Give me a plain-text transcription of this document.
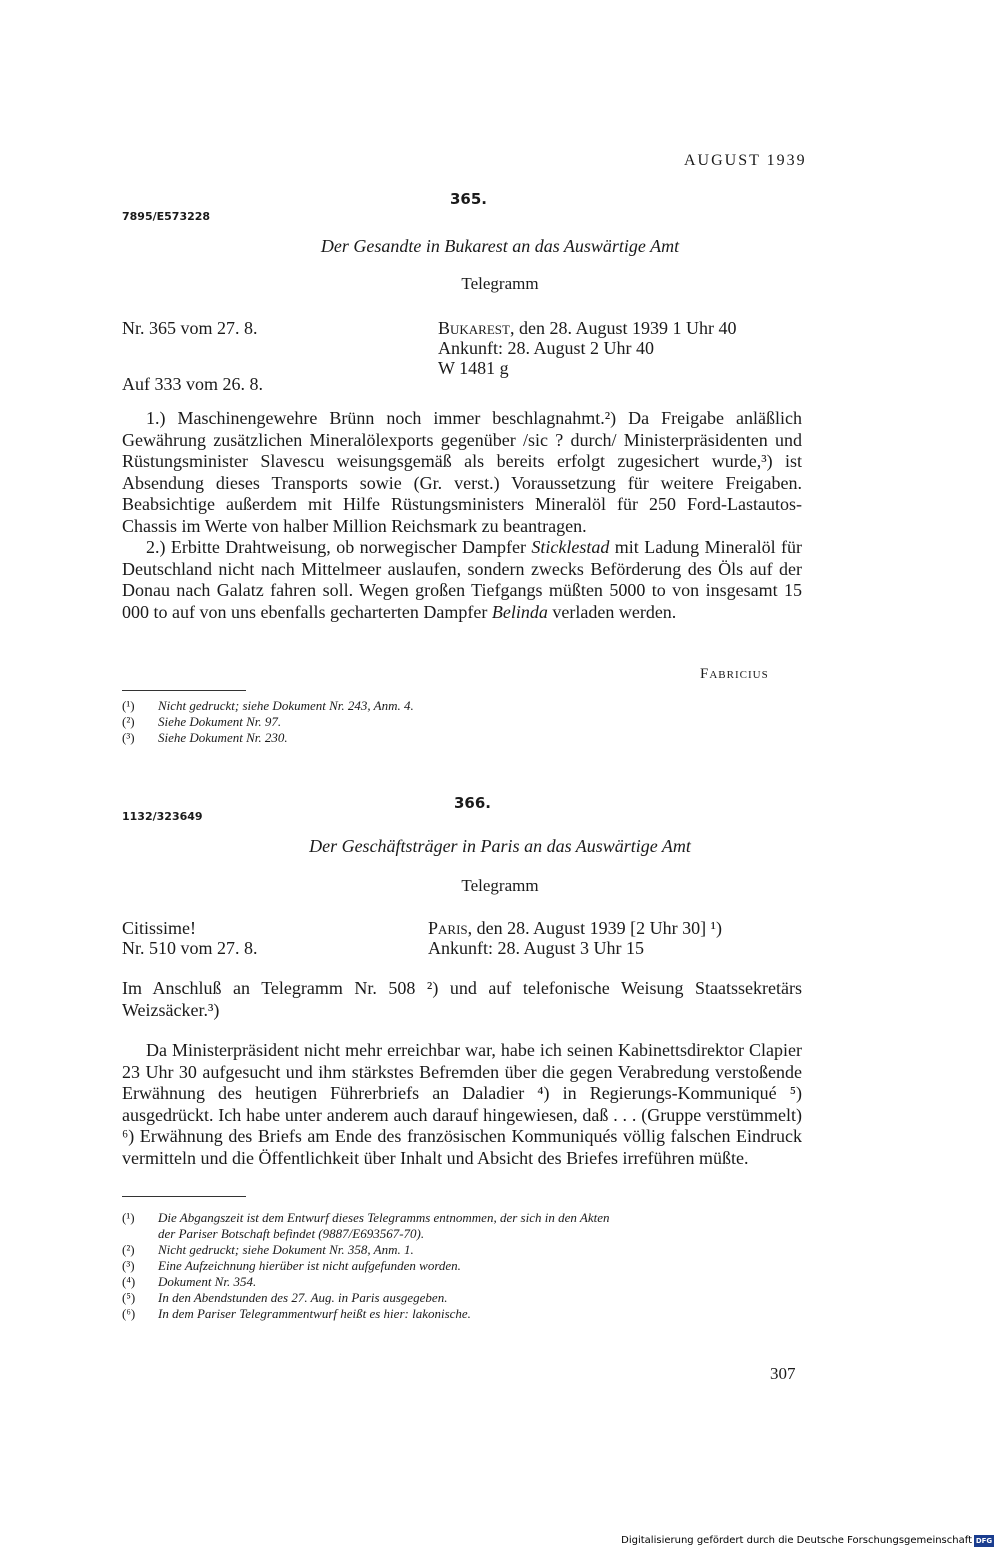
AUGUST 1939
365.
7895/E573228
Der Gesandte in Bukarest an das Auswärtige Amt
Telegramm
Nr. 365 vom 27. 8.
Auf 333 vom 26. 8.
Bukarest, den 28. August 1939 1 Uhr 40
Ankunft: 28. August 2 Uhr 40
W 1481 g

1.) Maschinengewehre Brünn noch immer beschlagnahmt.²) Da Freigabe anläßlich Gewährung zusätzlichen Mineralölexports gegenüber /sic ? durch/ Ministerpräsidenten und Rüstungsminister Slavescu weisungsgemäß als bereits erfolgt zugesichert wurde,³) ist Absendung dieses Transports sowie (Gr. verst.) Voraussetzung für weitere Freigaben. Beabsichtige außerdem mit Hilfe Rüstungsministers Mineralöl für 250 Ford-Lastautos-Chassis im Werte von halber Million Reichsmark zu beantragen.

2.) Erbitte Drahtweisung, ob norwegischer Dampfer Sticklestad mit Ladung Mineralöl für Deutschland nicht nach Mittelmeer auslaufen, sondern zwecks Beförderung des Öls auf der Donau nach Galatz fahren soll. Wegen großen Tiefgangs müßten 5000 to von insgesamt 15 000 to auf von uns ebenfalls gecharterten Dampfer Belinda verladen werden.

Fabricius
(¹)	Nicht gedruckt; siehe Dokument Nr. 243, Anm. 4.
(²)	Siehe Dokument Nr. 97.
(³)	Siehe Dokument Nr. 230.
366.
1132/323649
Der Geschäftsträger in Paris an das Auswärtige Amt
Telegramm
Citissime!
Nr. 510 vom 27. 8.
Paris, den 28. August 1939 [2 Uhr 30] ¹)
Ankunft: 28. August 3 Uhr 15

Im Anschluß an Telegramm Nr. 508 ²) und auf telefonische Weisung Staatssekretärs Weizsäcker.³)

Da Ministerpräsident nicht mehr erreichbar war, habe ich seinen Kabinettsdirektor Clapier 23 Uhr 30 aufgesucht und ihm stärkstes Befremden über die gegen Verabredung verstoßende Erwähnung des heutigen Führerbriefs an Daladier ⁴) in Regierungs-Kommuniqué ⁵) ausgedrückt. Ich habe unter anderem auch darauf hingewiesen, daß . . . (Gruppe verstümmelt) ⁶) Erwähnung des Briefs am Ende des französischen Kommuniqués völlig falschen Eindruck vermitteln und die Öffentlichkeit über Inhalt und Absicht des Briefes irreführen müßte.

(¹)	Die Abgangszeit ist dem Entwurf dieses Telegramms entnommen, der sich in den Akten
der Pariser Botschaft befindet (9887/E693567-70).
(²)	Nicht gedruckt; siehe Dokument Nr. 358, Anm. 1.
(³)	Eine Aufzeichnung hierüber ist nicht aufgefunden worden.
(⁴)	Dokument Nr. 354.
(⁵)	In den Abendstunden des 27. Aug. in Paris ausgegeben.
(⁶)	In dem Pariser Telegrammentwurf heißt es hier: lakonische.
307
Digitalisierung gefördert durch die Deutsche Forschungsgemeinschaft DFG
